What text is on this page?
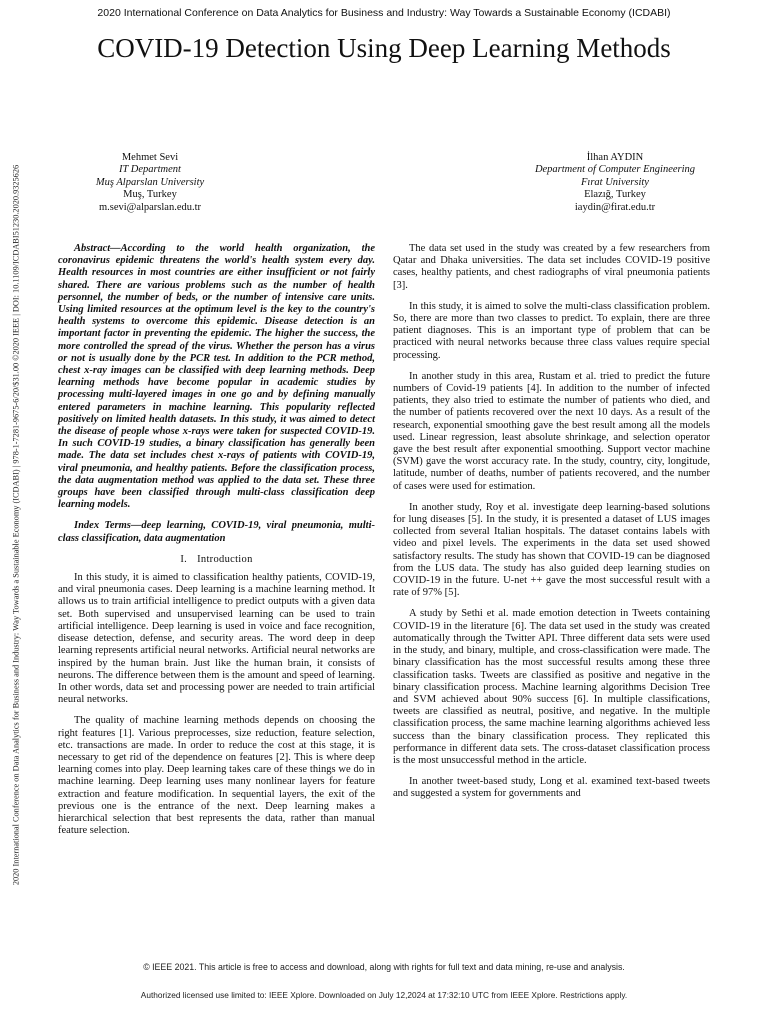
2020 International Conference on Data Analytics for Business and Industry: Way Towards a Sustainable Economy (ICDABI)
COVID-19 Detection Using Deep Learning Methods
2020 International Conference on Data Analytics for Business and Industry: Way Towards a Sustainable Economy (ICDABI) | 978-1-7281-9675-6/20/$31.00 ©2020 IEEE | DOI: 10.1109/ICDABI51230.2020.9325626
Mehmet Sevi
IT Department
Muş Alparslan University
Muş, Turkey
m.sevi@alparslan.edu.tr
İlhan AYDIN
Department of Computer Engineering
Fırat University
Elazığ, Turkey
iaydin@firat.edu.tr

Abstract—According to the world health organization, the coronavirus epidemic threatens the world's health system every day. Health resources in most countries are either insufficient or not fairly shared. There are various problems such as the number of health personnel, the number of beds, or the number of intensive care units. Using limited resources at the optimum level is the key to the country's health systems to overcome this epidemic. Disease detection is an important factor in preventing the epidemic. The higher the success, the more controlled the spread of the virus. Whether the person has a virus or not is usually done by the PCR test. In addition to the PCR method, chest x-ray images can be classified with deep learning methods. Deep learning methods have become popular in academic studies by processing multi-layered images in one go and by defining manually entered parameters in machine learning. This popularity reflected positively on limited health datasets. In this study, it was aimed to detect the disease of people whose x-rays were taken for suspected COVID-19. In such COVID-19 studies, a binary classification has generally been made. The data set includes chest x-rays of patients with COVID-19, viral pneumonia, and healthy patients. Before the classification process, the data augmentation method was applied to the data set. These three groups have been classified through multi-class classification deep learning models.

Index Terms—deep learning, COVID-19, viral pneumonia, multi-class classification, data augmentation

I. Introduction

In this study, it is aimed to classification healthy patients, COVID-19, and viral pneumonia cases. Deep learning is a machine learning method. It allows us to train artificial intelligence to predict outputs with a given data set. Both supervised and unsupervised learning can be used to train artificial intelligence. Deep learning is used in voice and face recognition, disease detection, defense, and security areas. The word deep in deep learning represents artificial neural networks. Artificial neural networks are inspired by the human brain. Just like the human brain, it consists of neurons. The difference between them is the amount and speed of learning. In other words, data set and processing power are needed to train artificial neural networks.

The quality of machine learning methods depends on choosing the right features [1]. Various preprocesses, size reduction, feature selection, etc. transactions are made. In order to reduce the cost at this stage, it is necessary to get rid of the dependence on features [2]. This is where deep learning comes into play. Deep learning takes care of these things we do in machine learning. Deep learning uses many nonlinear layers for feature extraction and feature modification. In sequential layers, the exit of the previous one is the entrance of the next. Deep learning makes a hierarchical selection that best represents the data, rather than manual feature selection.

The data set used in the study was created by a few researchers from Qatar and Dhaka universities. The data set includes COVID-19 positive cases, healthy patients, and chest radiographs of viral pneumonia patients [3].

In this study, it is aimed to solve the multi-class classification problem. So, there are more than two classes to predict. To explain, there are three patient diagnoses. This is an important type of problem that can be practiced with neural networks because three class values require special processing.

In another study in this area, Rustam et al. tried to predict the future numbers of Covid-19 patients [4]. In addition to the number of infected patients, they also tried to estimate the number of patients who died, and the number of patients recovered over the next 10 days. As a result of the research, exponential smoothing gave the best result among all the models used. Linear regression, least absolute shrinkage, and selection operator gave the best result after exponential smoothing. Support vector machine (SVM) gave the worst accuracy rate. In the study, country, city, longitude, latitude, number of deaths, number of patients recovered, and the number of cases were used for estimation.

In another study, Roy et al. investigate deep learning-based solutions for lung diseases [5]. In the study, it is presented a dataset of LUS images collected from several Italian hospitals. The dataset contains labels with video and pixel levels. The experiments in the data set used showed satisfactory results. The study has shown that COVID-19 can be diagnosed from the LUS data. The study has also guided deep learning studies on COVID-19 in the future. U-net ++ gave the most successful result with a rate of 97% [5].

A study by Sethi et al. made emotion detection in Tweets containing COVID-19 in the literature [6]. The data set used in the study was created automatically through the Twitter API. Three different data sets were used in the study, and binary, multiple, and cross-classification were made. The binary classification has the most successful results among these three classification tasks. Tweets are classified as positive and negative in the binary classification process. Machine learning algorithms Decision Tree and SVM achieved about 90% success [6]. In multiple classifications, tweets are classified as neutral, positive, and negative. In the multiple classification process, the same machine learning algorithms achieved less success than the binary classification process. They replicated this performance in different data sets. The cross-dataset classification process is the most unsuccessful method in the article.

In another tweet-based study, Long et al. examined text-based tweets and suggested a system for governments and

© IEEE 2021. This article is free to access and download, along with rights for full text and data mining, re-use and analysis.
Authorized licensed use limited to: IEEE Xplore. Downloaded on July 12,2024 at 17:32:10 UTC from IEEE Xplore. Restrictions apply.
